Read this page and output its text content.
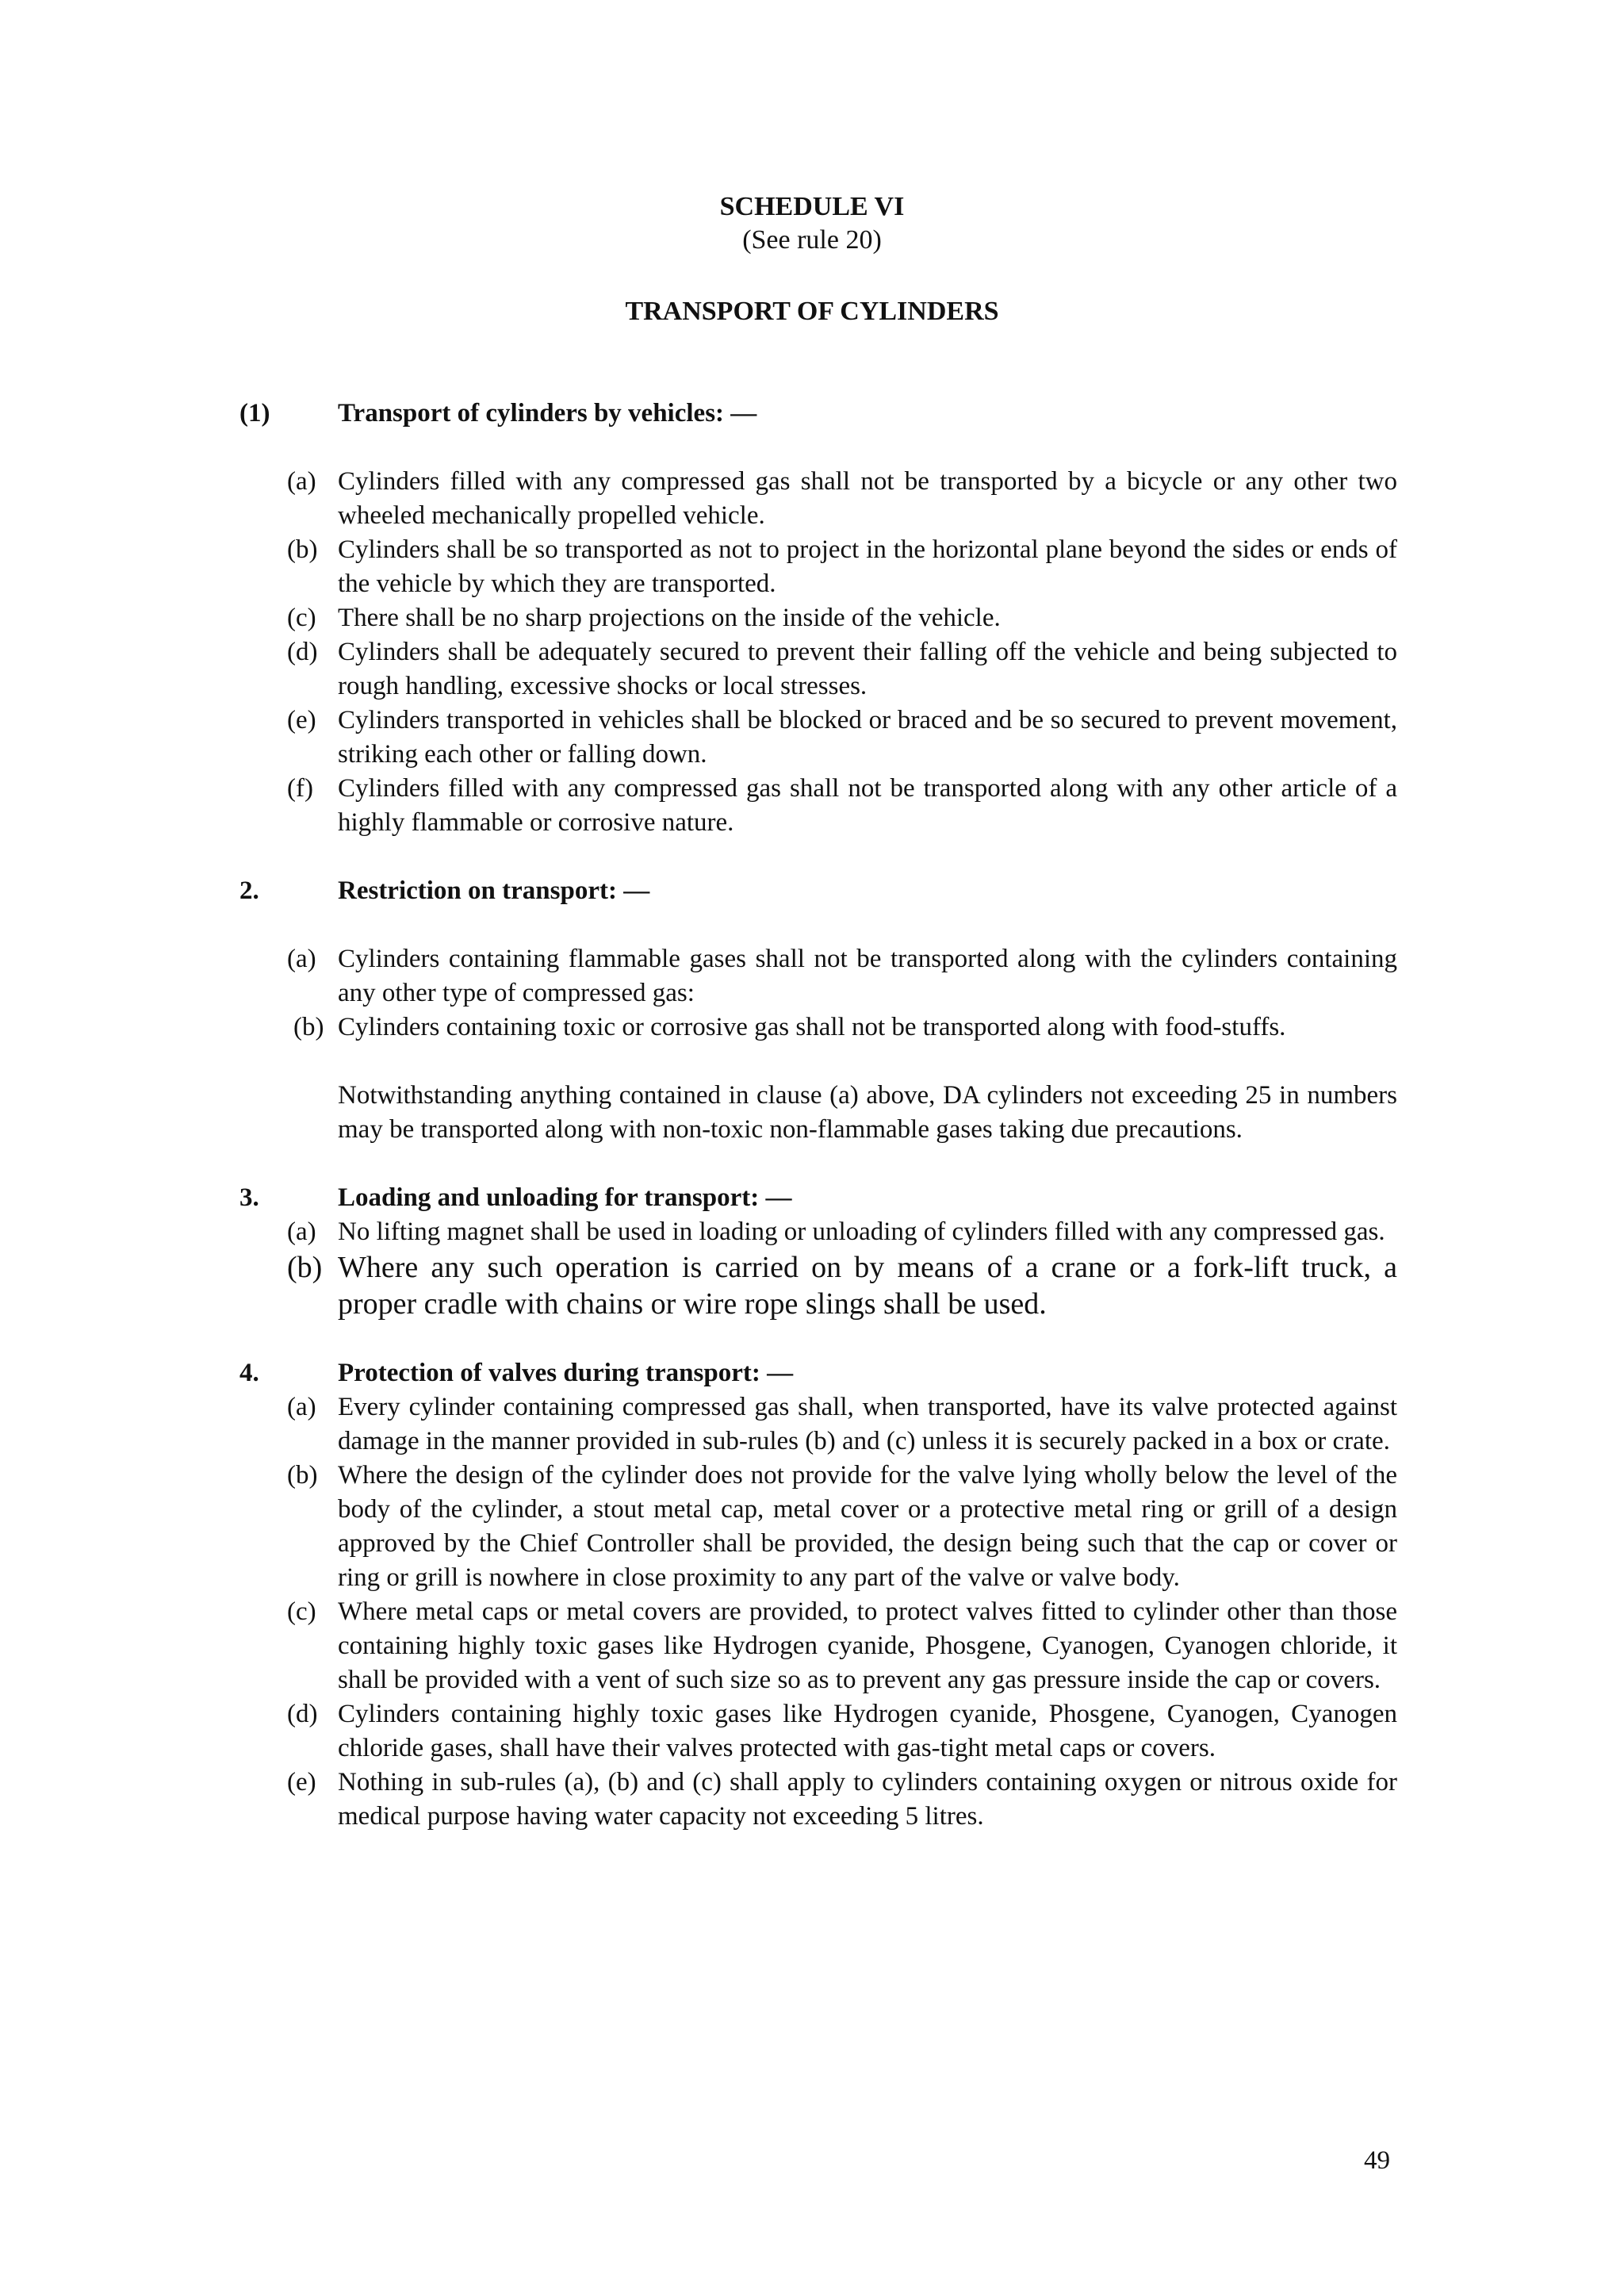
SCHEDULE VI
(See rule 20)
TRANSPORT OF CYLINDERS
(1)	Transport of cylinders by vehicles: —
(a) Cylinders filled with any compressed gas shall not be transported by a bicycle or any other two wheeled mechanically propelled vehicle.
(b) Cylinders shall be so transported as not to project in the horizontal plane beyond the sides or ends of the vehicle by which they are transported.
(c) There shall be no sharp projections on the inside of the vehicle.
(d) Cylinders shall be adequately secured to prevent their falling off the vehicle and being subjected to rough handling, excessive shocks or local stresses.
(e) Cylinders transported in vehicles shall be blocked or braced and be so secured to prevent movement, striking each other or falling down.
(f) Cylinders filled with any compressed gas shall not be transported along with any other article of a highly flammable or corrosive nature.
2.	Restriction on transport: —
(a) Cylinders containing flammable gases shall not be transported along with the cylinders containing any other type of compressed gas:
(b) Cylinders containing toxic or corrosive gas shall not be transported along with food-stuffs.
Notwithstanding anything contained in clause (a) above, DA cylinders not exceeding 25 in numbers may be transported along with non-toxic non-flammable gases taking due precautions.
3.	Loading and unloading for transport: —
(a) No lifting magnet shall be used in loading or unloading of cylinders filled with any compressed gas.
(b) Where any such operation is carried on by means of a crane or a fork-lift truck, a proper cradle with chains or wire rope slings shall be used.
4.	Protection of valves during transport: —
(a) Every cylinder containing compressed gas shall, when transported, have its valve protected against damage in the manner provided in sub-rules (b) and (c) unless it is securely packed in a box or crate.
(b) Where the design of the cylinder does not provide for the valve lying wholly below the level of the body of the cylinder, a stout metal cap, metal cover or a protective metal ring or grill of a design approved by the Chief Controller shall be provided, the design being such that the cap or cover or ring or grill is nowhere in close proximity to any part of the valve or valve body.
(c) Where metal caps or metal covers are provided, to protect valves fitted to cylinder other than those containing highly toxic gases like Hydrogen cyanide, Phosgene, Cyanogen, Cyanogen chloride, it shall be provided with a vent of such size so as to prevent any gas pressure inside the cap or covers.
(d) Cylinders containing highly toxic gases like Hydrogen cyanide, Phosgene, Cyanogen, Cyanogen chloride gases, shall have their valves protected with gas-tight metal caps or covers.
(e) Nothing in sub-rules (a), (b) and (c) shall apply to cylinders containing oxygen or nitrous oxide for medical purpose having water capacity not exceeding 5 litres.
49
